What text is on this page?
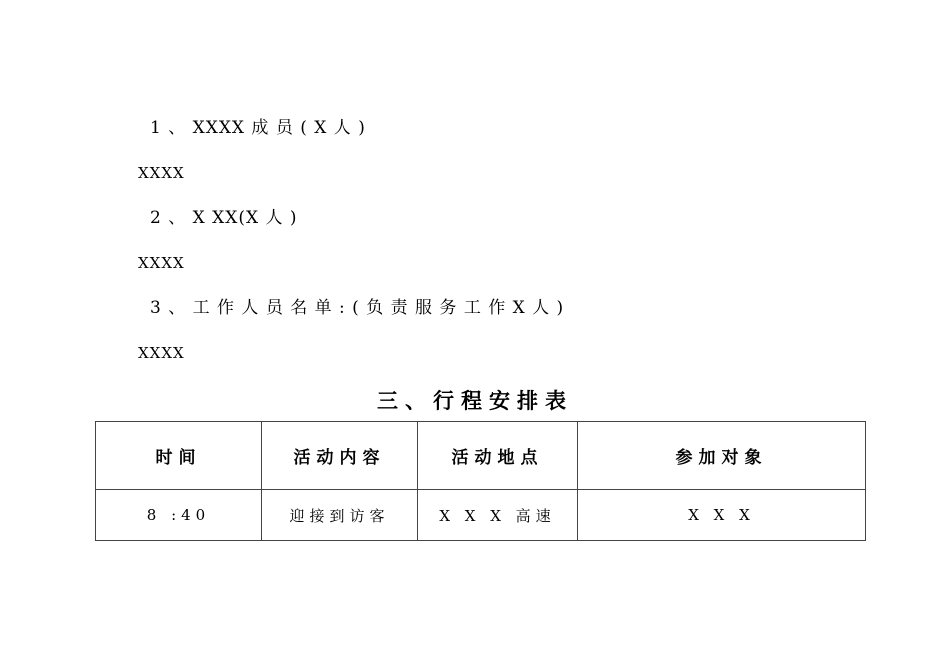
1 、 XXXX 成 员 ( X 人 )
XXXX
2 、 X XX(X 人 )
XXXX
3 、 工 作 人 员 名 单 : ( 负 责 服 务 工 作 X 人 )
XXXX
三、行程安排表
时间	活动内容	活动地点	参加对象
8 :40	迎接到访客	X X X 高速	X X X
